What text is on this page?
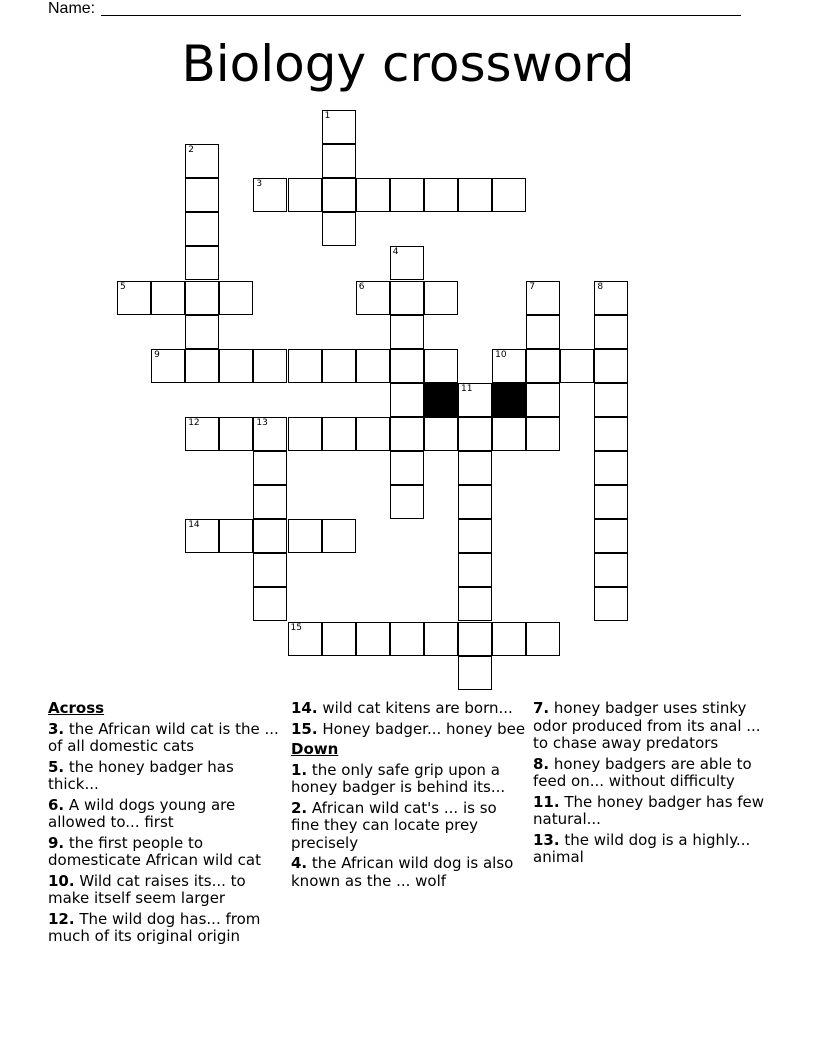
Name:
Biology crossword
1
2
3
4
5	6	7	8
9	10
11
12	13
14
15
Across
3. the African wild cat is the ... of all domestic cats
5. the honey badger has thick...
6. A wild dogs young are allowed to... first
9. the first people to domesticate African wild cat
10. Wild cat raises its... to make itself seem larger
12. The wild dog has... from much of its original origin
14. wild cat kitens are born...
15. Honey badger... honey bee
Down
1. the only safe grip upon a honey badger is behind its...
2. African wild cat's ... is so fine they can locate prey precisely
4. the African wild dog is also known as the ... wolf
7. honey badger uses stinky odor produced from its anal ... to chase away predators
8. honey badgers are able to feed on... without difficulty
11. The honey badger has few natural...
13. the wild dog is a highly... animal
